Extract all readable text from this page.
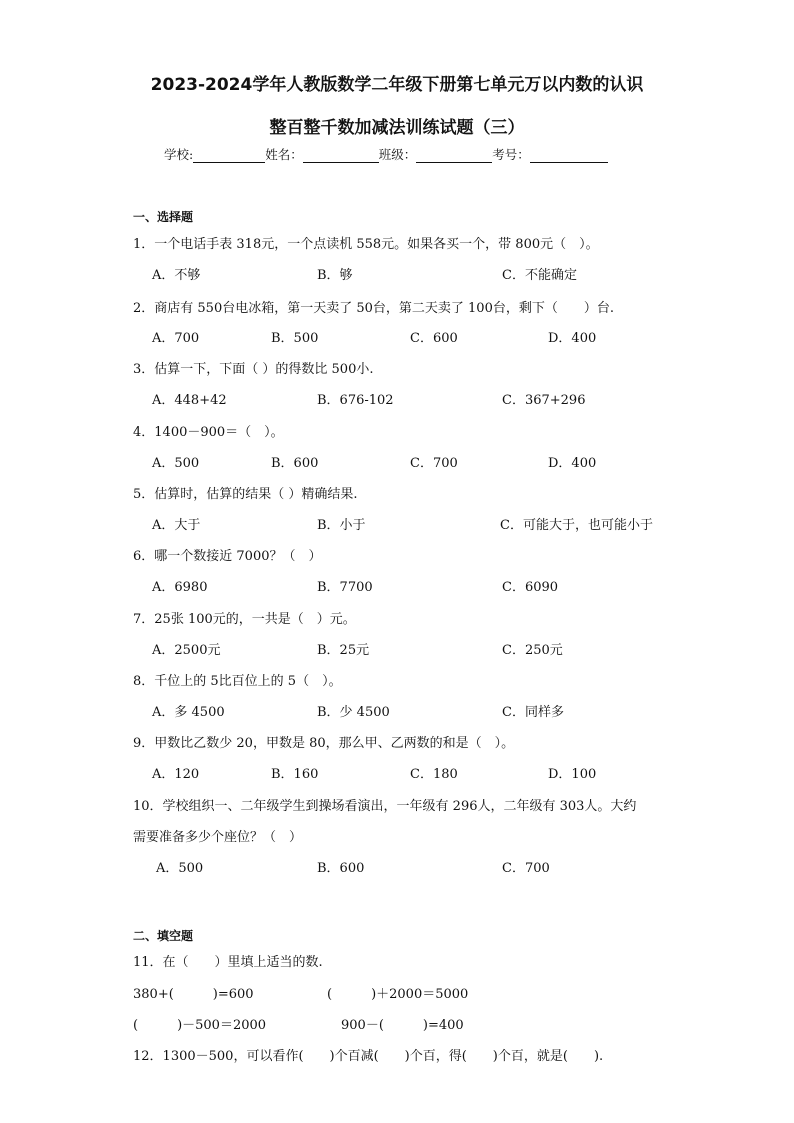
2023-2024学年人教版数学二年级下册第七单元万以内数的认识
整百整千数加减法训练试题（三）
学校:	姓名：	班级：	考号：
一、选择题
1．一个电话手表 318元，一个点读机 558元。如果各买一个，带 800元（　）。
A．不够	B．够	C．不能确定
2．商店有 550台电冰箱，第一天卖了 50台，第二天卖了 100台，剩下（　　）台.
A．700	B．500	C．600	D．400
3．估算一下，下面（ ）的得数比 500小.
A．448+42	B．676-102	C．367+296
4．1400－900＝（　）。
A．500	B．600	C．700	D．400
5．估算时，估算的结果（ ）精确结果.
A．大于	B．小于	C．可能大于，也可能小于
6．哪一个数接近 7000？（　）
A．6980	B．7700	C．6090
7．25张 100元的，一共是（　）元。
A．2500元	B．25元	C．250元
8．千位上的 5比百位上的 5（　）。
A．多 4500	B．少 4500	C．同样多
9．甲数比乙数少 20，甲数是 80，那么甲、乙两数的和是（　）。
A．120	B．160	C．180	D．100
10．学校组织一、二年级学生到操场看演出，一年级有 296人，二年级有 303人。大约
需要准备多少个座位？（　）
A．500	B．600	C．700
二、填空题
11．在（　　）里填上适当的数.
380+(　　　)=600	(　　　)＋2000＝5000
(　　　)－500＝2000	900－(　　　)=400
12．1300－500，可以看作(　　)个百减(　　)个百，得(　　)个百，就是(　　).
